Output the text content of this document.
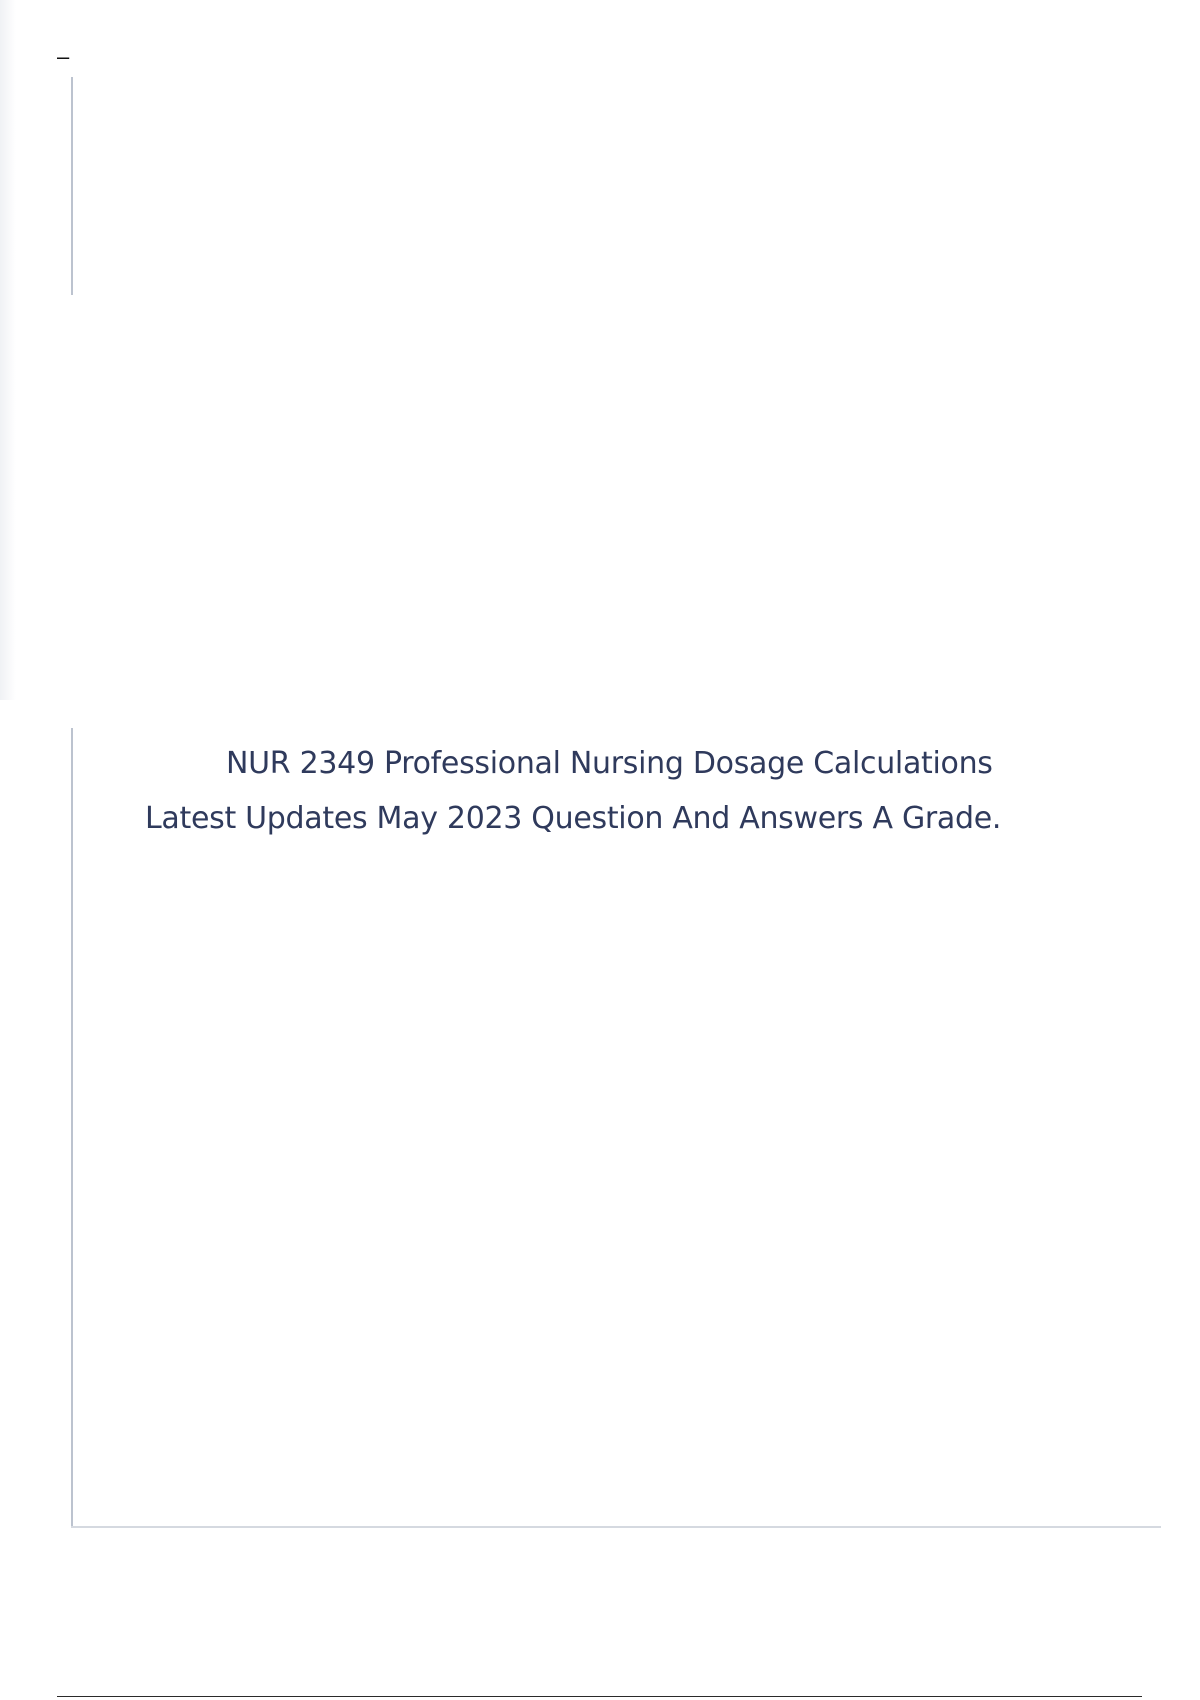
–
NUR 2349 Professional Nursing Dosage Calculations
Latest Updates May 2023 Question And Answers A Grade.
